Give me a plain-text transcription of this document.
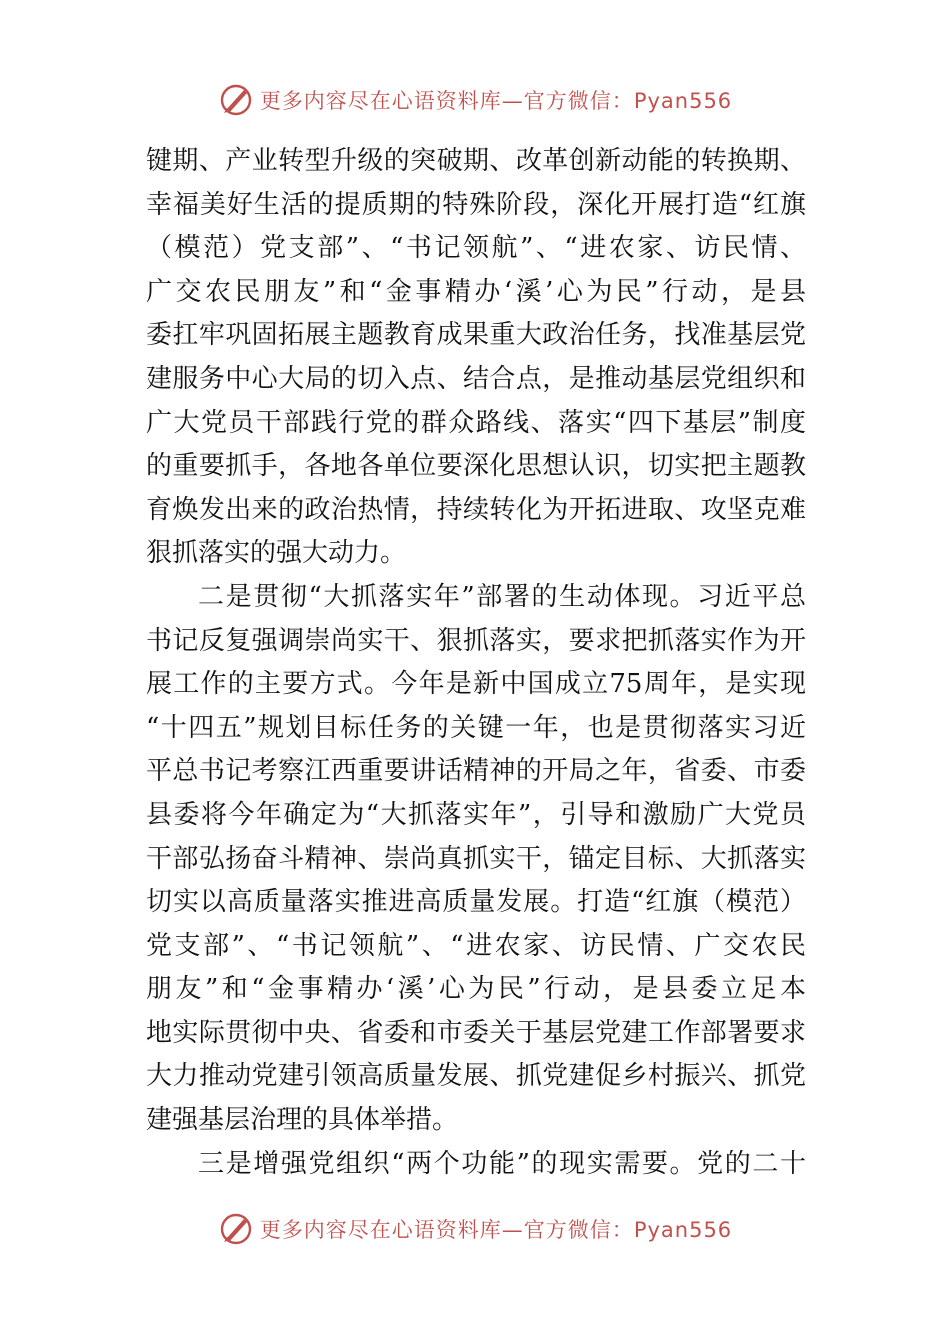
更多内容尽在心语资料库—官方微信：Pyan556
键期、产业转型升级的突破期、改革创新动能的转换期、
幸福美好生活的提质期的特殊阶段，深化开展打造“红旗
（模范）党支部”、“书记领航”、“进农家、访民情、
广交农民朋友”和“金事精办‘溪’心为民”行动，是县
委扛牢巩固拓展主题教育成果重大政治任务，找准基层党
建服务中心大局的切入点、结合点，是推动基层党组织和
广大党员干部践行党的群众路线、落实“四下基层”制度
的重要抓手，各地各单位要深化思想认识，切实把主题教
育焕发出来的政治热情，持续转化为开拓进取、攻坚克难
狠抓落实的强大动力。
二是贯彻“大抓落实年”部署的生动体现。习近平总
书记反复强调崇尚实干、狠抓落实，要求把抓落实作为开
展工作的主要方式。今年是新中国成立75周年，是实现
“十四五”规划目标任务的关键一年，也是贯彻落实习近
平总书记考察江西重要讲话精神的开局之年，省委、市委
县委将今年确定为“大抓落实年”，引导和激励广大党员
干部弘扬奋斗精神、崇尚真抓实干，锚定目标、大抓落实
切实以高质量落实推进高质量发展。打造“红旗（模范）
党支部”、“书记领航”、“进农家、访民情、广交农民
朋友”和“金事精办‘溪’心为民”行动，是县委立足本
地实际贯彻中央、省委和市委关于基层党建工作部署要求
大力推动党建引领高质量发展、抓党建促乡村振兴、抓党
建强基层治理的具体举措。
三是增强党组织“两个功能”的现实需要。党的二十
更多内容尽在心语资料库—官方微信：Pyan556
